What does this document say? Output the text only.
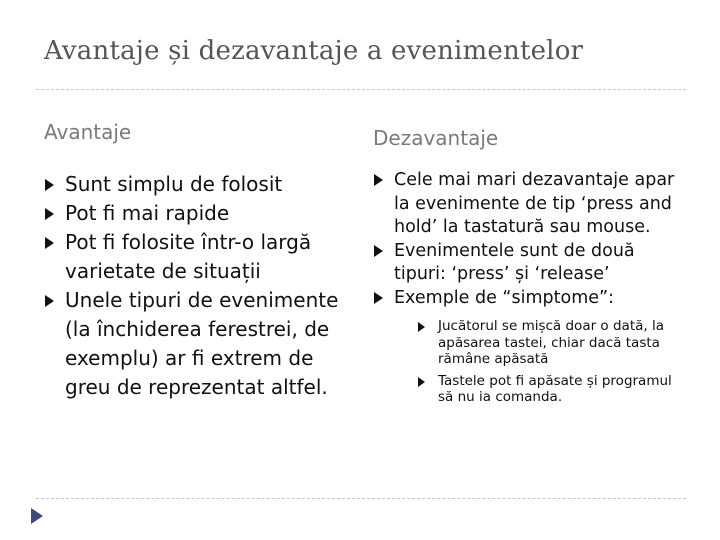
Avantaje și dezavantaje a evenimentelor
Avantaje	Dezavantaje
Sunt simplu de folosit
Pot fi mai rapide
Pot fi folosite într-o largă varietate de situații
Unele tipuri de evenimente (la închiderea ferestrei, de exemplu) ar fi extrem de greu de reprezentat altfel.
Cele mai mari dezavantaje apar la evenimente de tip ‘press and hold’ la tastatură sau mouse.
Evenimentele sunt de două tipuri: ‘press’ și ‘release’
Exemple de “simptome”:
Jucătorul se mișcă doar o dată, la apăsarea tastei, chiar dacă tasta rămâne apăsată
Tastele pot fi apăsate și programul să nu ia comanda.
